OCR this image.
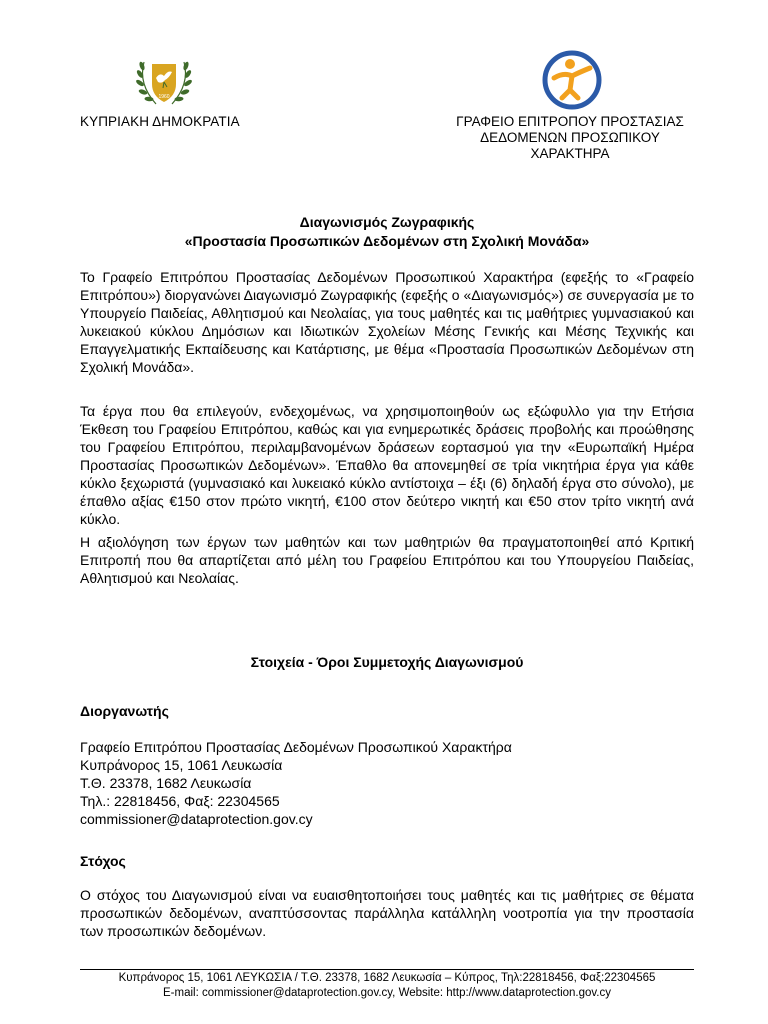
1960
ΚΥΠΡΙΑΚΗ ΔΗΜΟΚΡΑΤΙΑ	ΓΡΑΦΕΙΟ ΕΠΙΤΡΟΠΟΥ ΠΡΟΣΤΑΣΙΑΣ
ΔΕΔΟΜΕΝΩΝ ΠΡΟΣΩΠΙΚΟΥ
ΧΑΡΑΚΤΗΡΑ
Διαγωνισμός Ζωγραφικής
«Προστασία Προσωπικών Δεδομένων στη Σχολική Μονάδα»

Το Γραφείο Επιτρόπου Προστασίας Δεδομένων Προσωπικού Χαρακτήρα (εφεξής το «Γραφείο Επιτρόπου») διοργανώνει Διαγωνισμό Ζωγραφικής (εφεξής ο «Διαγωνισμός») σε συνεργασία με το Υπουργείο Παιδείας, Αθλητισμού και Νεολαίας, για τους μαθητές και τις μαθήτριες γυμνασιακού και λυκειακού κύκλου Δημόσιων και Ιδιωτικών Σχολείων Μέσης Γενικής και Μέσης Τεχνικής και Επαγγελματικής Εκπαίδευσης και Κατάρτισης, με θέμα «Προστασία Προσωπικών Δεδομένων στη Σχολική Μονάδα».

Τα έργα που θα επιλεγούν, ενδεχομένως, να χρησιμοποιηθούν ως εξώφυλλο για την Ετήσια Έκθεση του Γραφείου Επιτρόπου, καθώς και για ενημερωτικές δράσεις προβολής και προώθησης του Γραφείου Επιτρόπου, περιλαμβανομένων δράσεων εορτασμού για την «Ευρωπαϊκή Ημέρα Προστασίας Προσωπικών Δεδομένων». Έπαθλο θα απονεμηθεί σε τρία νικητήρια έργα για κάθε κύκλο ξεχωριστά (γυμνασιακό και λυκειακό κύκλο αντίστοιχα – έξι (6) δηλαδή έργα στο σύνολο), με έπαθλο αξίας €150 στον πρώτο νικητή, €100 στον δεύτερο νικητή και €50 στον τρίτο νικητή ανά κύκλο.

Η αξιολόγηση των έργων των μαθητών και των μαθητριών θα πραγματοποιηθεί από Κριτική Επιτροπή που θα απαρτίζεται από μέλη του Γραφείου Επιτρόπου και του Υπουργείου Παιδείας, Αθλητισμού και Νεολαίας.

Στοιχεία - Όροι Συμμετοχής Διαγωνισμού
Διοργανωτής
Γραφείο Επιτρόπου Προστασίας Δεδομένων Προσωπικού Χαρακτήρα
Κυπράνορος 15, 1061 Λευκωσία
Τ.Θ. 23378, 1682 Λευκωσία
Τηλ.: 22818456, Φαξ: 22304565
commissioner@dataprotection.gov.cy
Στόχος

Ο στόχος του Διαγωνισμού είναι να ευαισθητοποιήσει τους μαθητές και τις μαθήτριες σε θέματα προσωπικών δεδομένων, αναπτύσσοντας παράλληλα κατάλληλη νοοτροπία για την προστασία των προσωπικών δεδομένων.

Κυπράνορος 15, 1061 ΛΕΥΚΩΣΙΑ / Τ.Θ. 23378, 1682 Λευκωσία – Κύπρος, Τηλ:22818456, Φαξ:22304565
E-mail: commissioner@dataprotection.gov.cy, Website: http://www.dataprotection.gov.cy
